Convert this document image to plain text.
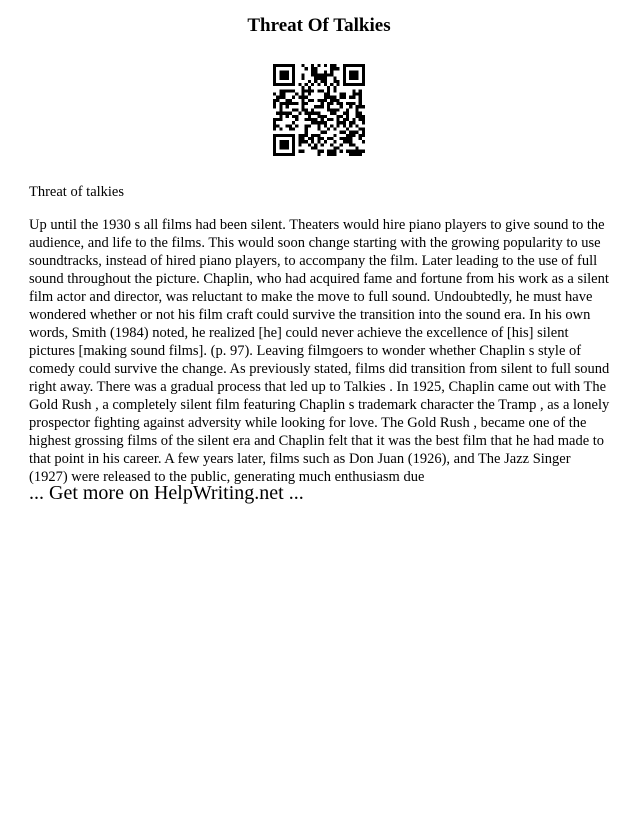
Threat Of Talkies
Threat of talkies

Up until the 1930 s all films had been silent. Theaters would hire piano players to give sound to the audience, and life to the films. This would soon change starting with the growing popularity to use soundtracks, instead of hired piano players, to accompany the film. Later leading to the use of full sound throughout the picture. Chaplin, who had acquired fame and fortune from his work as a silent film actor and director, was reluctant to make the move to full sound. Undoubtedly, he must have wondered whether or not his film craft could survive the transition into the sound era. In his own words, Smith (1984) noted, he realized [he] could never achieve the excellence of [his] silent pictures [making sound films]. (p. 97). Leaving filmgoers to wonder whether Chaplin s style of comedy could survive the change. As previously stated, films did transition from silent to full sound right away. There was a gradual process that led up to Talkies . In 1925, Chaplin came out with The Gold Rush , a completely silent film featuring Chaplin s trademark character the Tramp , as a lonely prospector fighting against adversity while looking for love. The Gold Rush , became one of the highest grossing films of the silent era and Chaplin felt that it was the best film that he had made to that point in his career. A few years later, films such as Don Juan (1926), and The Jazz Singer (1927) were released to the public, generating much enthusiasm due

... Get more on HelpWriting.net ...
